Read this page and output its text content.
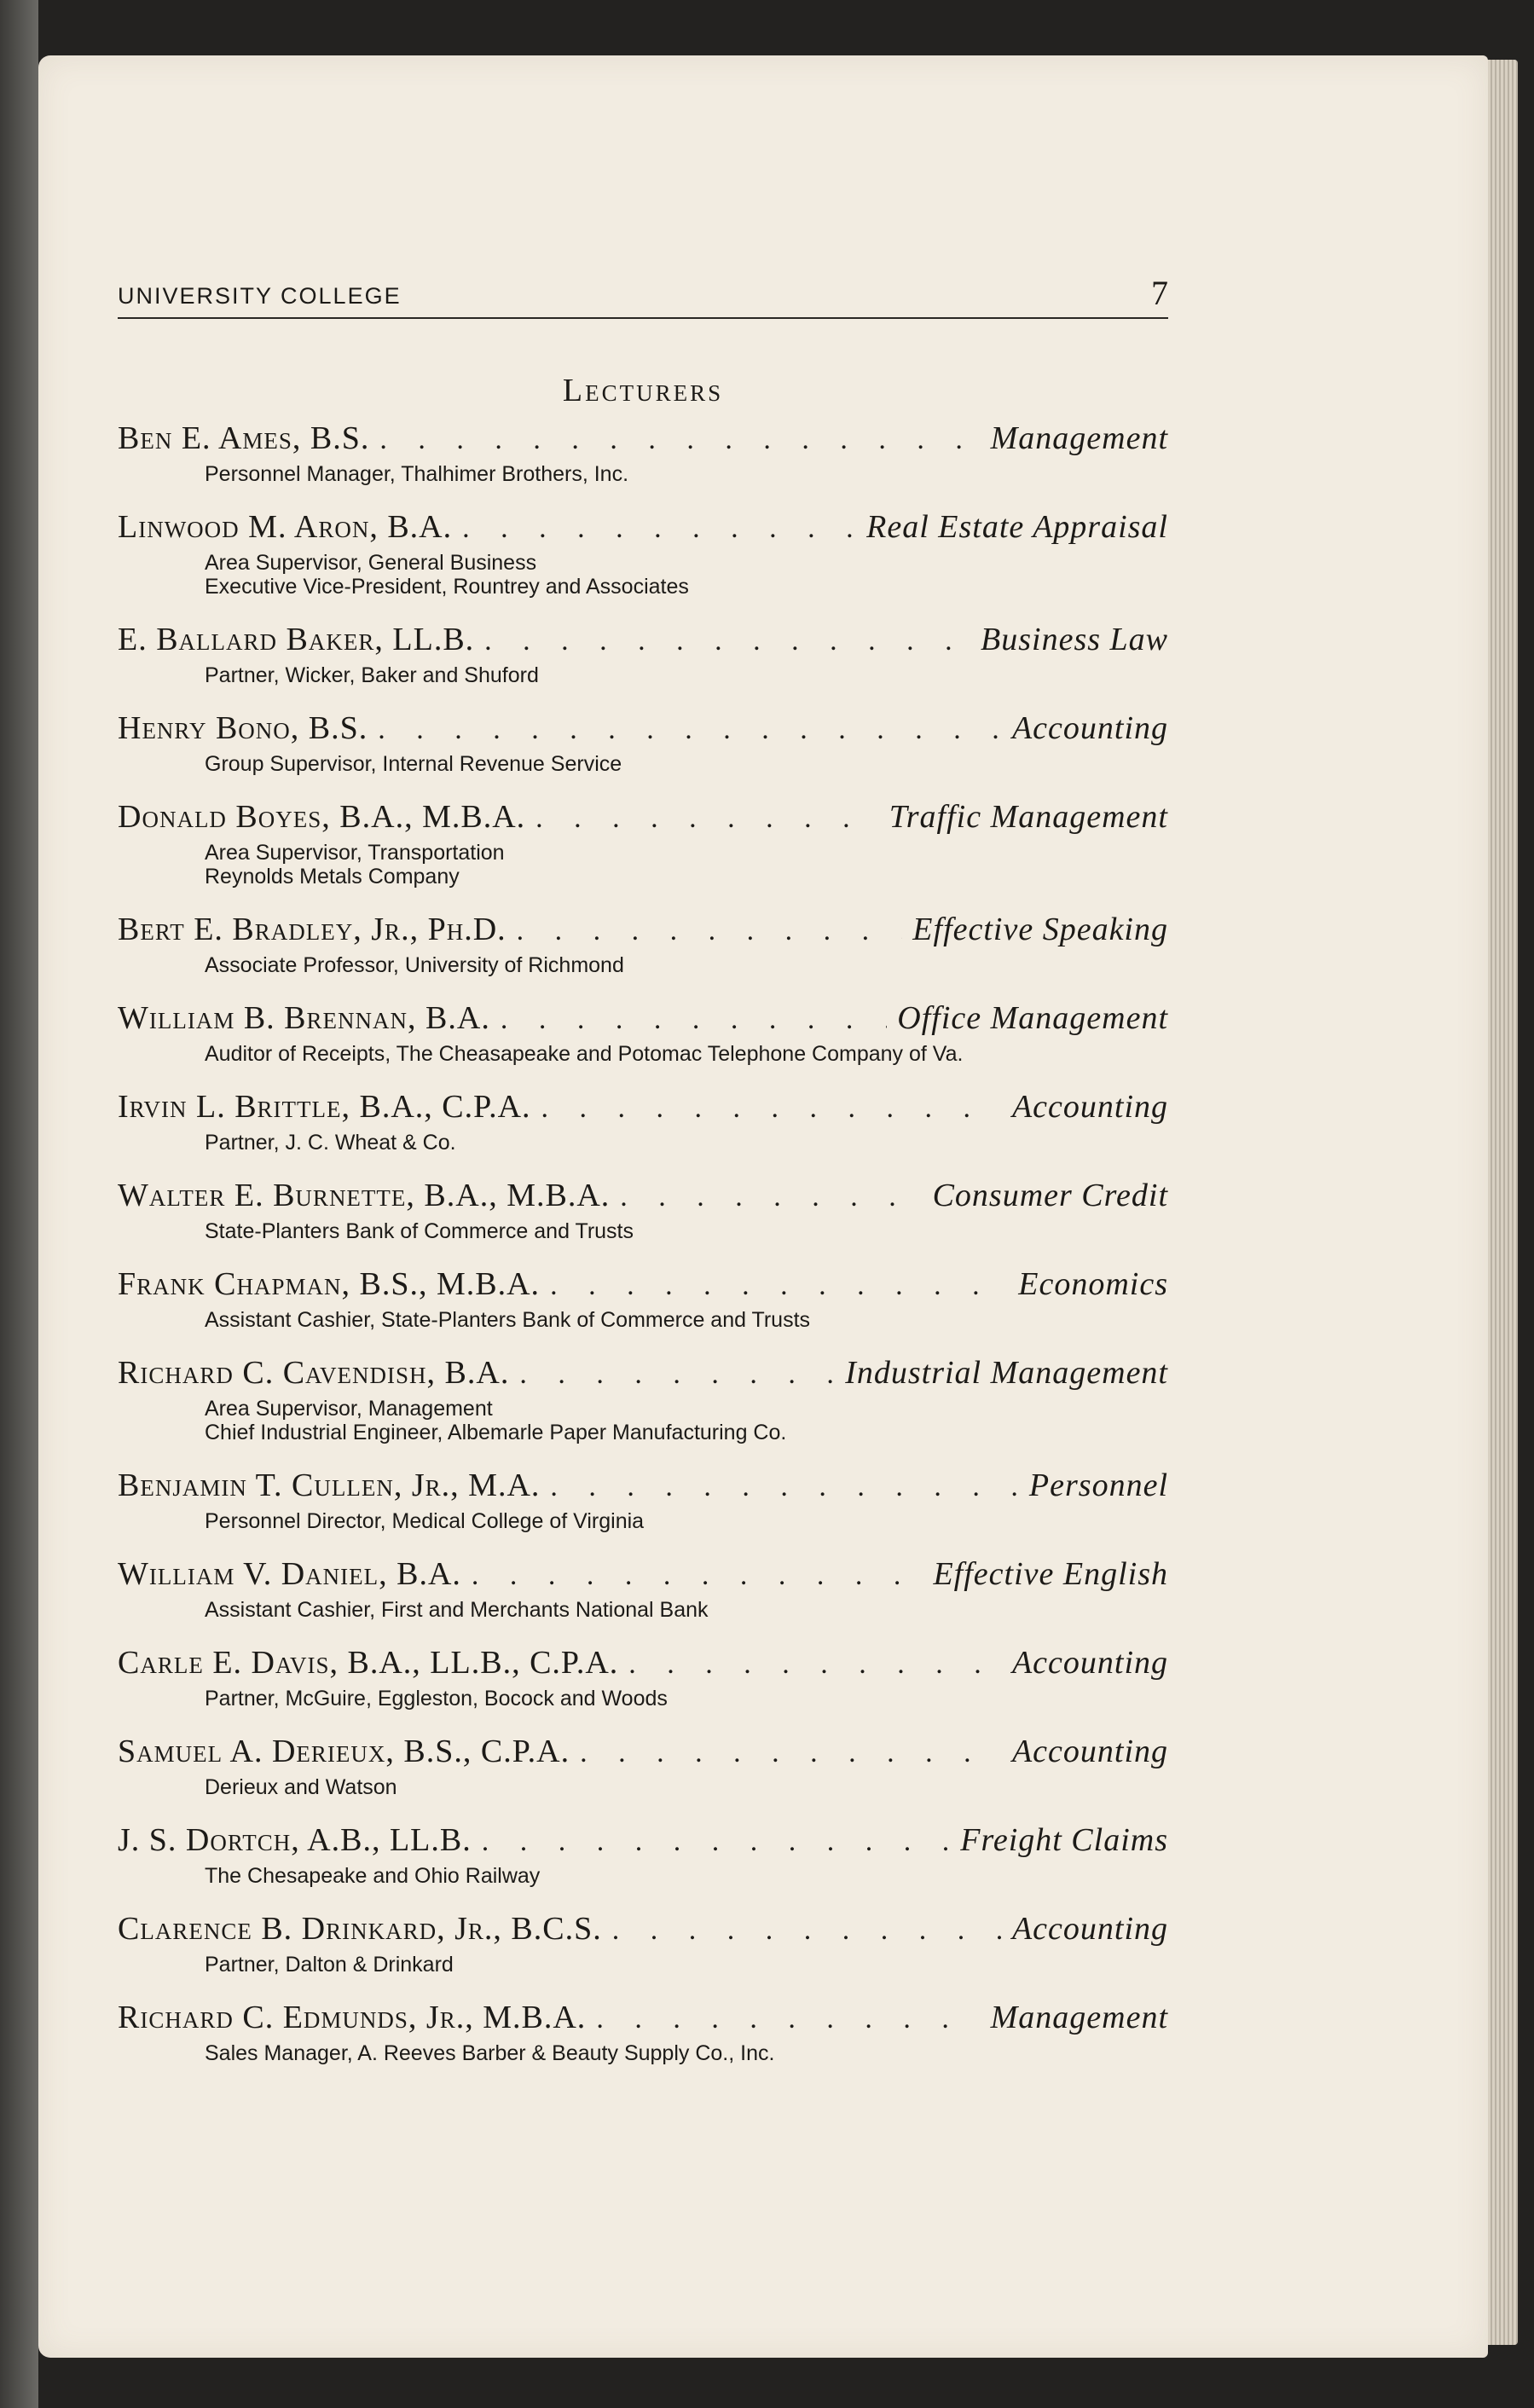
UNIVERSITY COLLEGE	7
Lecturers
Ben E. Ames, B.S. . . .	Management
Personnel Manager, Thalhimer Brothers, Inc.
Linwood M. Aron, B.A. . . .	Real Estate Appraisal
Area Supervisor, General Business
Executive Vice-President, Rountrey and Associates
E. Ballard Baker, LL.B. . . .	Business Law
Partner, Wicker, Baker and Shuford
Henry Bono, B.S. . . .	Accounting
Group Supervisor, Internal Revenue Service
Donald Boyes, B.A., M.B.A. . . .	Traffic Management
Area Supervisor, Transportation
Reynolds Metals Company
Bert E. Bradley, Jr., Ph.D. . . .	Effective Speaking
Associate Professor, University of Richmond
William B. Brennan, B.A. . . .	Office Management
Auditor of Receipts, The Cheasapeake and Potomac Telephone Company of Va.
Irvin L. Brittle, B.A., C.P.A. . . .	Accounting
Partner, J. C. Wheat & Co.
Walter E. Burnette, B.A., M.B.A. . . .	Consumer Credit
State-Planters Bank of Commerce and Trusts
Frank Chapman, B.S., M.B.A. . . .	Economics
Assistant Cashier, State-Planters Bank of Commerce and Trusts
Richard C. Cavendish, B.A. . . .	Industrial Management
Area Supervisor, Management
Chief Industrial Engineer, Albemarle Paper Manufacturing Co.
Benjamin T. Cullen, Jr., M.A. . . .	Personnel
Personnel Director, Medical College of Virginia
William V. Daniel, B.A. . . .	Effective English
Assistant Cashier, First and Merchants National Bank
Carle E. Davis, B.A., LL.B., C.P.A. . . .	Accounting
Partner, McGuire, Eggleston, Bocock and Woods
Samuel A. Derieux, B.S., C.P.A. . . .	Accounting
Derieux and Watson
J. S. Dortch, A.B., LL.B. . . .	Freight Claims
The Chesapeake and Ohio Railway
Clarence B. Drinkard, Jr., B.C.S. . . .	Accounting
Partner, Dalton & Drinkard
Richard C. Edmunds, Jr., M.B.A. . . .	Management
Sales Manager, A. Reeves Barber & Beauty Supply Co., Inc.
